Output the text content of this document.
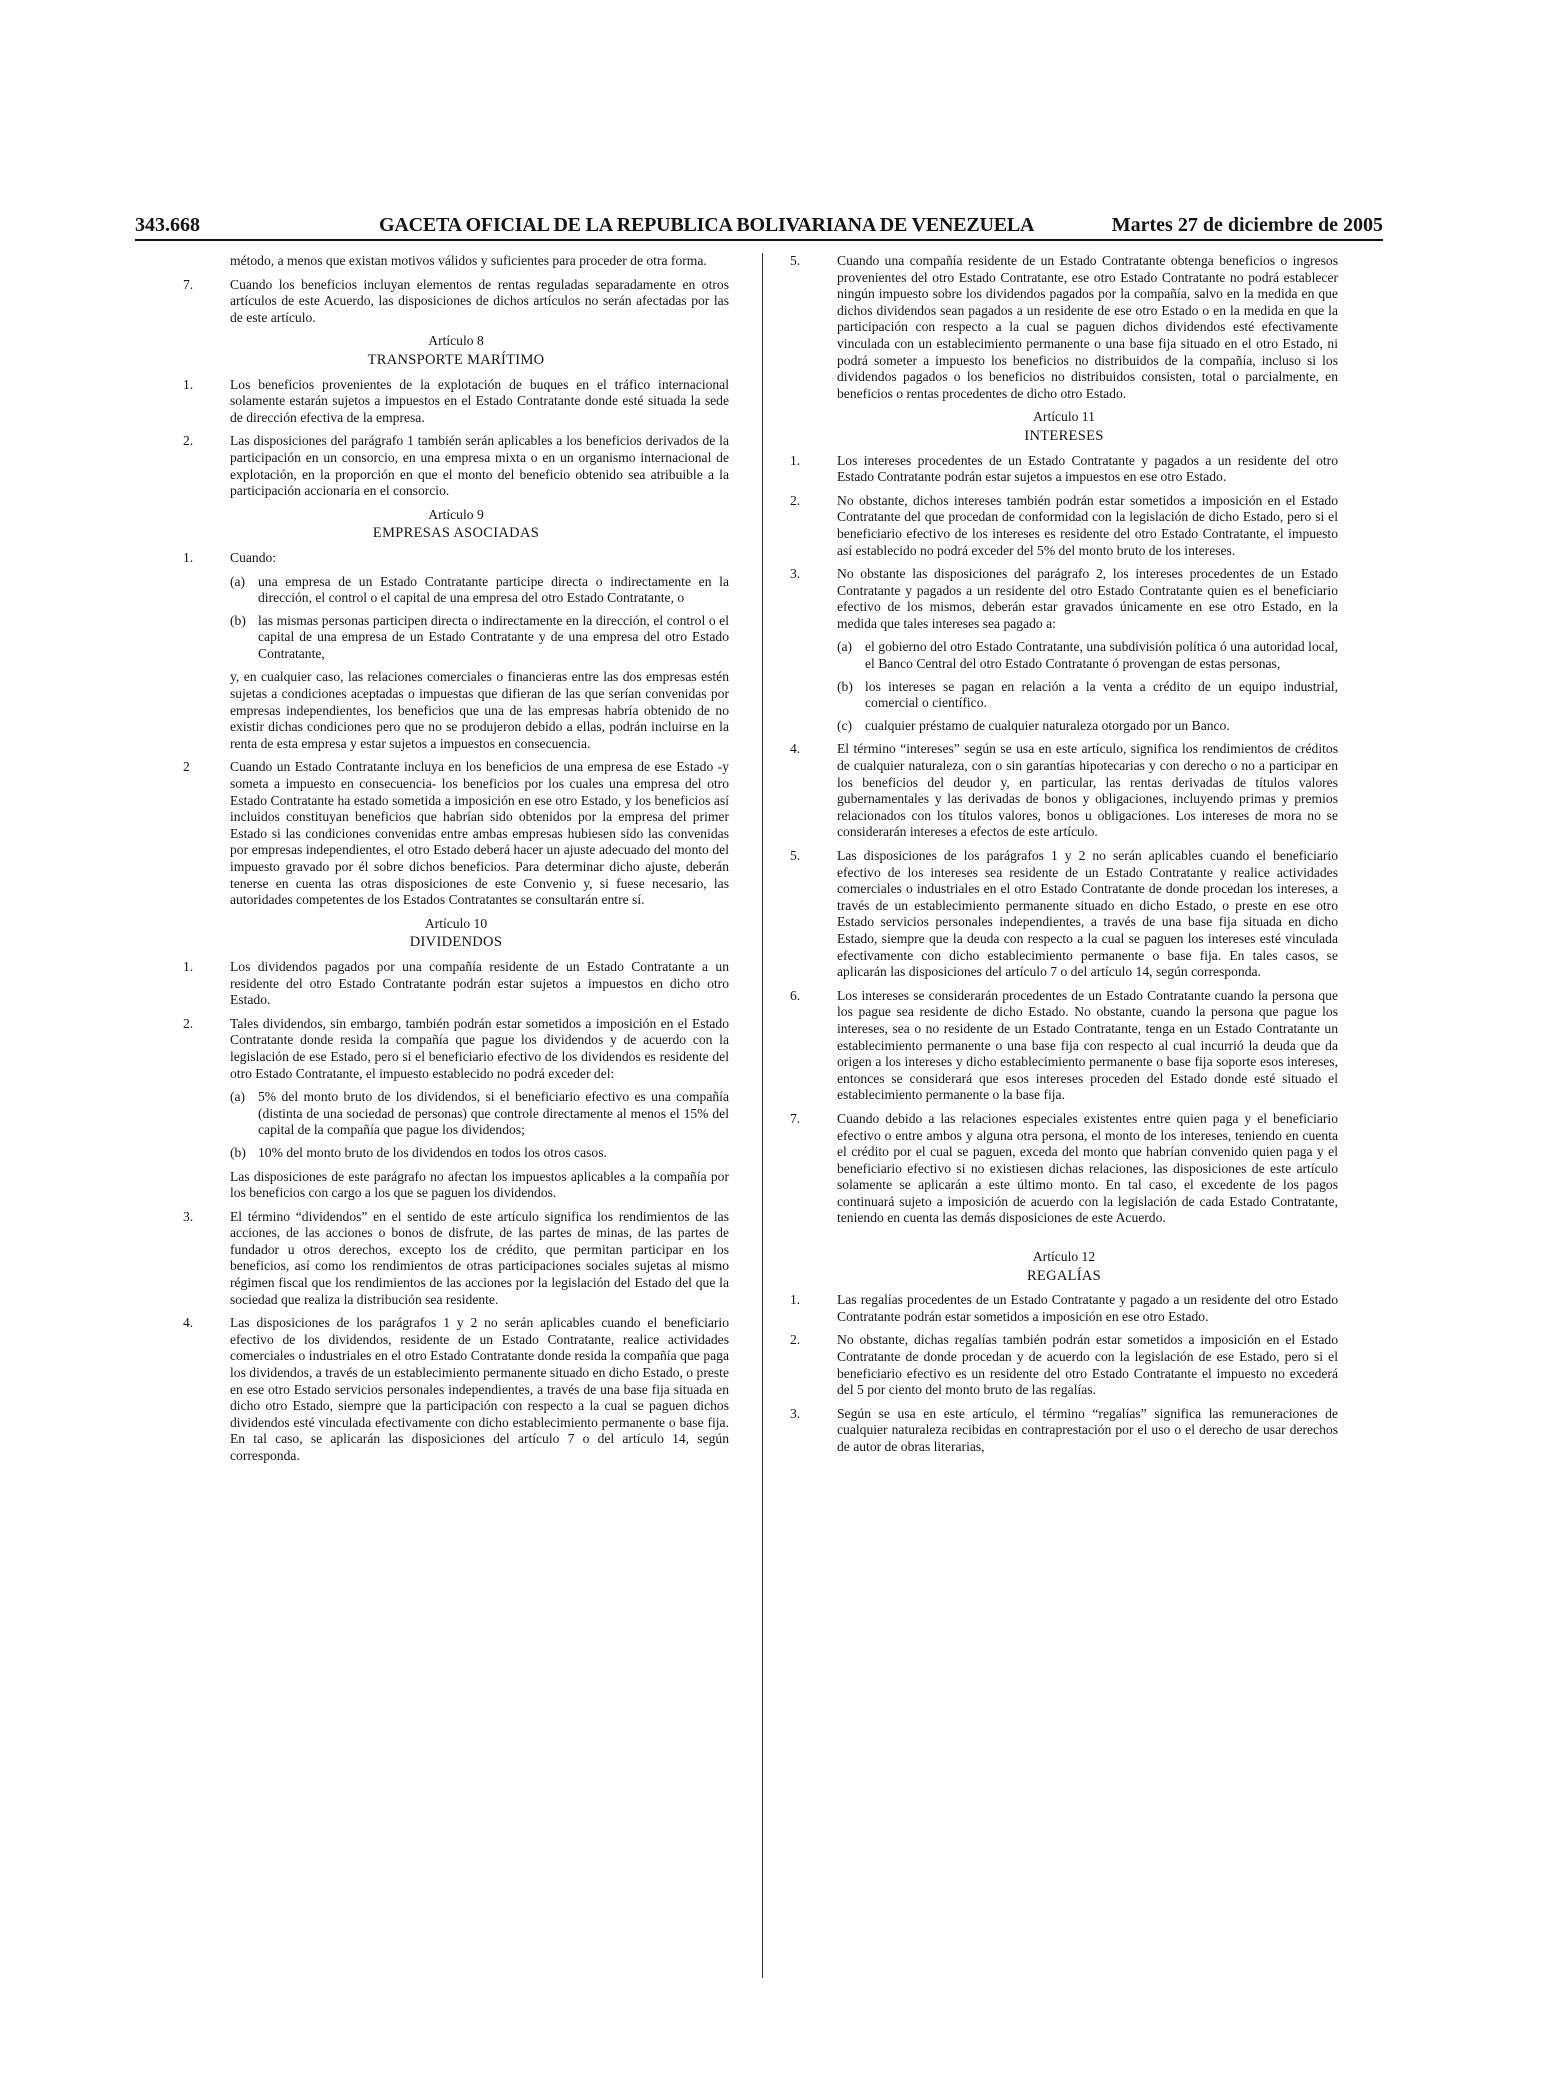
343.668	GACETA OFICIAL DE LA REPUBLICA BOLIVARIANA DE VENEZUELA	Martes 27 de diciembre de 2005

método, a menos que existan motivos válidos y suficientes para proceder de otra forma.

7.	Cuando los beneficios incluyan elementos de rentas reguladas separadamente en otros artículos de este Acuerdo, las disposiciones de dichos artículos no serán afectadas por las de este artículo.
Artículo 8
TRANSPORTE MARÍTIMO
1.	Los beneficios provenientes de la explotación de buques en el tráfico internacional solamente estarán sujetos a impuestos en el Estado Contratante donde esté situada la sede de dirección efectiva de la empresa.
2.	Las disposiciones del parágrafo 1 también serán aplicables a los beneficios derivados de la participación en un consorcio, en una empresa mixta o en un organismo internacional de explotación, en la proporción en que el monto del beneficio obtenido sea atribuible a la participación accionaria en el consorcio.
Artículo 9
EMPRESAS ASOCIADAS
1.	Cuando:
(a) una empresa de un Estado Contratante participe directa o indirectamente en la dirección, el control o el capital de una empresa del otro Estado Contratante, o
(b) las mismas personas participen directa o indirectamente en la dirección, el control o el capital de una empresa de un Estado Contratante y de una empresa del otro Estado Contratante,

y, en cualquier caso, las relaciones comerciales o financieras entre las dos empresas estén sujetas a condiciones aceptadas o impuestas que difieran de las que serían convenidas por empresas independientes, los beneficios que una de las empresas habría obtenido de no existir dichas condiciones pero que no se produjeron debido a ellas, podrán incluirse en la renta de esta empresa y estar sujetos a impuestos en consecuencia.

2	Cuando un Estado Contratante incluya en los beneficios de una empresa de ese Estado -y someta a impuesto en consecuencia- los beneficios por los cuales una empresa del otro Estado Contratante ha estado sometida a imposición en ese otro Estado, y los beneficios así incluidos constituyan beneficios que habrían sido obtenidos por la empresa del primer Estado si las condiciones convenidas entre ambas empresas hubiesen sido las convenidas por empresas independientes, el otro Estado deberá hacer un ajuste adecuado del monto del impuesto gravado por él sobre dichos beneficios. Para determinar dicho ajuste, deberán tenerse en cuenta las otras disposiciones de este Convenio y, si fuese necesario, las autoridades competentes de los Estados Contratantes se consultarán entre sí.
Artículo 10
DIVIDENDOS
1.	Los dividendos pagados por una compañía residente de un Estado Contratante a un residente del otro Estado Contratante podrán estar sujetos a impuestos en dicho otro Estado.
2.	Tales dividendos, sin embargo, también podrán estar sometidos a imposición en el Estado Contratante donde resida la compañía que pague los dividendos y de acuerdo con la legislación de ese Estado, pero si el beneficiario efectivo de los dividendos es residente del otro Estado Contratante, el impuesto establecido no podrá exceder del:
(a) 5% del monto bruto de los dividendos, si el beneficiario efectivo es una compañía (distinta de una sociedad de personas) que controle directamente al menos el 15% del capital de la compañía que pague los dividendos;
(b) 10% del monto bruto de los dividendos en todos los otros casos.

Las disposiciones de este parágrafo no afectan los impuestos aplicables a la compañía por los beneficios con cargo a los que se paguen los dividendos.

3.	El término “dividendos” en el sentido de este artículo significa los rendimientos de las acciones, de las acciones o bonos de disfrute, de las partes de minas, de las partes de fundador u otros derechos, excepto los de crédito, que permitan participar en los beneficios, así como los rendimientos de otras participaciones sociales sujetas al mismo régimen fiscal que los rendimientos de las acciones por la legislación del Estado del que la sociedad que realiza la distribución sea residente.
4.	Las disposiciones de los parágrafos 1 y 2 no serán aplicables cuando el beneficiario efectivo de los dividendos, residente de un Estado Contratante, realice actividades comerciales o industriales en el otro Estado Contratante donde resida la compañía que paga los dividendos, a través de un establecimiento permanente situado en dicho Estado, o preste en ese otro Estado servicios personales independientes, a través de una base fija situada en dicho otro Estado, siempre que la participación con respecto a la cual se paguen dichos dividendos esté vinculada efectivamente con dicho establecimiento permanente o base fija. En tal caso, se aplicarán las disposiciones del artículo 7 o del artículo 14, según corresponda.
5.	Cuando una compañía residente de un Estado Contratante obtenga beneficios o ingresos provenientes del otro Estado Contratante, ese otro Estado Contratante no podrá establecer ningún impuesto sobre los dividendos pagados por la compañía, salvo en la medida en que dichos dividendos sean pagados a un residente de ese otro Estado o en la medida en que la participación con respecto a la cual se paguen dichos dividendos esté efectivamente vinculada con un establecimiento permanente o una base fija situado en el otro Estado, ni podrá someter a impuesto los beneficios no distribuidos de la compañía, incluso si los dividendos pagados o los beneficios no distribuidos consisten, total o parcialmente, en beneficios o rentas procedentes de dicho otro Estado.
Artículo 11
INTERESES
1.	Los intereses procedentes de un Estado Contratante y pagados a un residente del otro Estado Contratante podrán estar sujetos a impuestos en ese otro Estado.
2.	No obstante, dichos intereses también podrán estar sometidos a imposición en el Estado Contratante del que procedan de conformidad con la legislación de dicho Estado, pero si el beneficiario efectivo de los intereses es residente del otro Estado Contratante, el impuesto así establecido no podrá exceder del 5% del monto bruto de los intereses.
3.	No obstante las disposiciones del parágrafo 2, los intereses procedentes de un Estado Contratante y pagados a un residente del otro Estado Contratante quien es el beneficiario efectivo de los mismos, deberán estar gravados únicamente en ese otro Estado, en la medida que tales intereses sea pagado a:
(a) el gobierno del otro Estado Contratante, una subdivisión política ó una autoridad local, el Banco Central del otro Estado Contratante ó provengan de estas personas,
(b) los intereses se pagan en relación a la venta a crédito de un equipo industrial, comercial o científico.
(c) cualquier préstamo de cualquier naturaleza otorgado por un Banco.
4.	El término “intereses” según se usa en este artículo, significa los rendimientos de créditos de cualquier naturaleza, con o sin garantías hipotecarias y con derecho o no a participar en los beneficios del deudor y, en particular, las rentas derivadas de títulos valores gubernamentales y las derivadas de bonos y obligaciones, incluyendo primas y premios relacionados con los títulos valores, bonos u obligaciones. Los intereses de mora no se considerarán intereses a efectos de este artículo.
5.	Las disposiciones de los parágrafos 1 y 2 no serán aplicables cuando el beneficiario efectivo de los intereses sea residente de un Estado Contratante y realice actividades comerciales o industriales en el otro Estado Contratante de donde procedan los intereses, a través de un establecimiento permanente situado en dicho Estado, o preste en ese otro Estado servicios personales independientes, a través de una base fija situada en dicho Estado, siempre que la deuda con respecto a la cual se paguen los intereses esté vinculada efectivamente con dicho establecimiento permanente o base fija. En tales casos, se aplicarán las disposiciones del artículo 7 o del artículo 14, según corresponda.
6.	Los intereses se considerarán procedentes de un Estado Contratante cuando la persona que los pague sea residente de dicho Estado. No obstante, cuando la persona que pague los intereses, sea o no residente de un Estado Contratante, tenga en un Estado Contratante un establecimiento permanente o una base fija con respecto al cual incurrió la deuda que da origen a los intereses y dicho establecimiento permanente o base fija soporte esos intereses, entonces se considerará que esos intereses proceden del Estado donde esté situado el establecimiento permanente o la base fija.
7.	Cuando debido a las relaciones especiales existentes entre quien paga y el beneficiario efectivo o entre ambos y alguna otra persona, el monto de los intereses, teniendo en cuenta el crédito por el cual se paguen, exceda del monto que habrían convenido quien paga y el beneficiario efectivo si no existiesen dichas relaciones, las disposiciones de este artículo solamente se aplicarán a este último monto. En tal caso, el excedente de los pagos continuará sujeto a imposición de acuerdo con la legislación de cada Estado Contratante, teniendo en cuenta las demás disposiciones de este Acuerdo.
Artículo 12
REGALÍAS
1.	Las regalías procedentes de un Estado Contratante y pagado a un residente del otro Estado Contratante podrán estar sometidos a imposición en ese otro Estado.
2.	No obstante, dichas regalías también podrán estar sometidos a imposición en el Estado Contratante de donde procedan y de acuerdo con la legislación de ese Estado, pero si el beneficiario efectivo es un residente del otro Estado Contratante el impuesto no excederá del 5 por ciento del monto bruto de las regalías.
3.	Según se usa en este artículo, el término “regalías” significa las remuneraciones de cualquier naturaleza recibidas en contraprestación por el uso o el derecho de usar derechos de autor de obras literarias,
